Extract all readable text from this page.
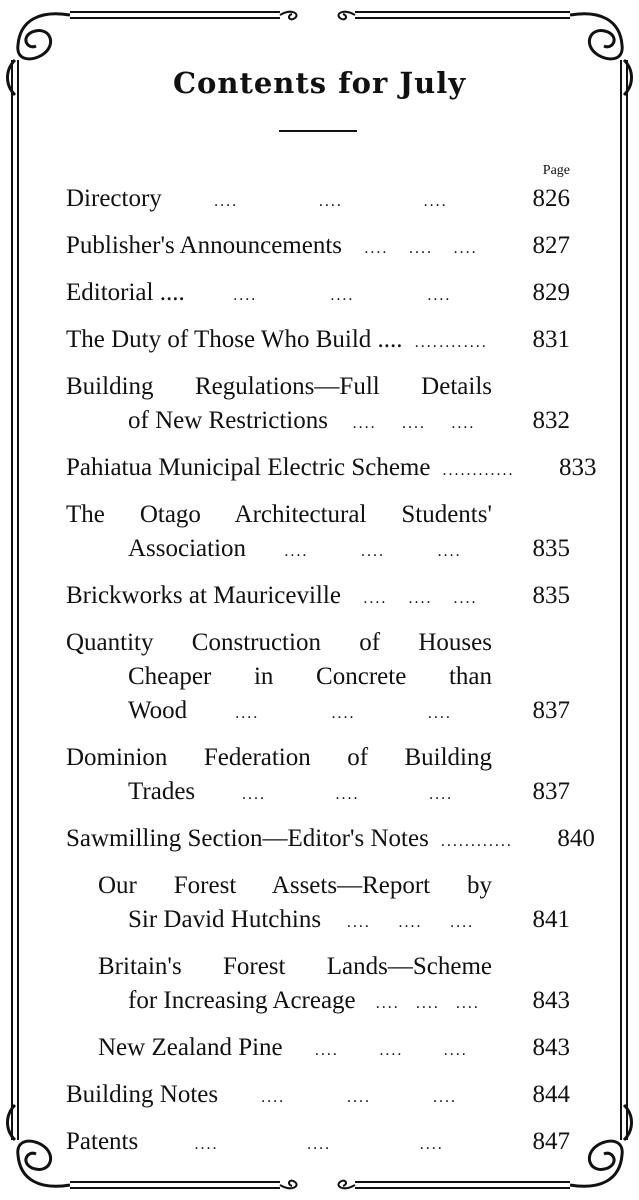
Contents for July
Page
Directory	....	....	....	826
Publisher's Announcements .... .... ....	827
Editorial ....	....	....	....	829
The Duty of Those Who Build .... .... .... ....	831
Building Regulations—Full Details
of New Restrictions .... .... ....	832
Pahiatua Municipal Electric Scheme .... .... ....	833
The Otago Architectural Students'
Association ....	....	....	835
Brickworks at Mauriceville .... .... ....	835
Quantity Construction of Houses
Cheaper in Concrete than
Wood	....	....	....	837
Dominion Federation of Building
Trades	....	....	....	837
Sawmilling Section—Editor's Notes .... .... ....	840
Our Forest Assets—Report by
Sir David Hutchins .... .... ....	841
Britain's Forest Lands—Scheme
for Increasing Acreage .... .... ....	843
New Zealand Pine ....	....	....	843
Building Notes	....	....	....	844
Patents	....	....	....	847
